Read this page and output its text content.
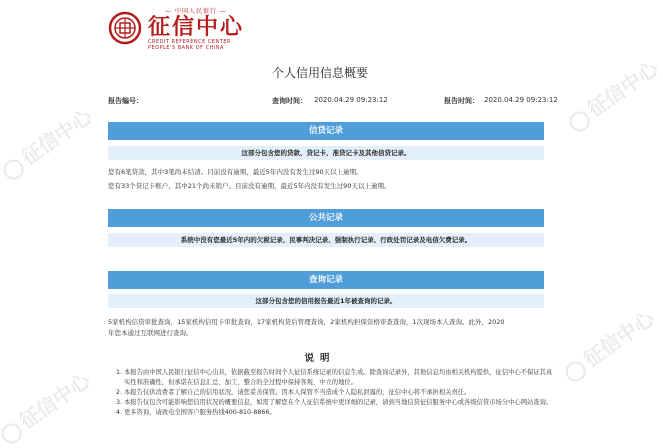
征信中心
征信中心
征信中心
征信中心
— 中国人民银行 —
征信中心
CREDIT REFERENCE CENTER
PEOPLE'S BANK OF CHINA
个人信用信息概要
报告编号：	查询时间： 2020.04.29 09:23:12	报告时间： 2020.04.29 09:23:12
信贷记录
这部分包含您的贷款、贷记卡、准贷记卡及其他信贷记录。
您有6笔贷款，其中3笔尚未结清。目前没有逾期，最近5年内没有发生过90天以上逾期。
您有33个贷记卡账户，其中21个尚未销户。目前没有逾期，最近5年内没有发生过90天以上逾期。
公共记录
系统中没有您最近5年内的欠税记录、民事判决记录、强制执行记录、行政处罚记录及电信欠费记录。
查询记录
这部分包含您的信用报告最近1年被查询的记录。
5家机构信贷审批查询，15家机构信用卡审批查询，17家机构贷后管理查询，2家机构担保资格审查查询，1次现场本人查询。此外，2020
年您本通过互联网进行查询。
说明
1. 本报告由中国人民银行征信中心出具，依据截至报告时间个人征信系统记录的信息生成。除查询记录外，其他信息均由相关机构提供，征信中心不保证其真实性和准确性，但承诺在信息汇总、加工、整合的全过程中保持客观、中立的地位。
2. 本报告仅供消费者了解自己的信用状况，请您妥善保管。因本人保管不当造成个人隐私泄露的，征信中心将不承担相关责任。
3. 本报告仅包含可能影响您信用状况的概要信息，如需了解您在个人征信系统中更详细的记录，请到当地信贷征信服务中心或各级信贷市场分中心网站查询。
4. 更多咨询，请致电全国客户服务热线400-810-8866。
